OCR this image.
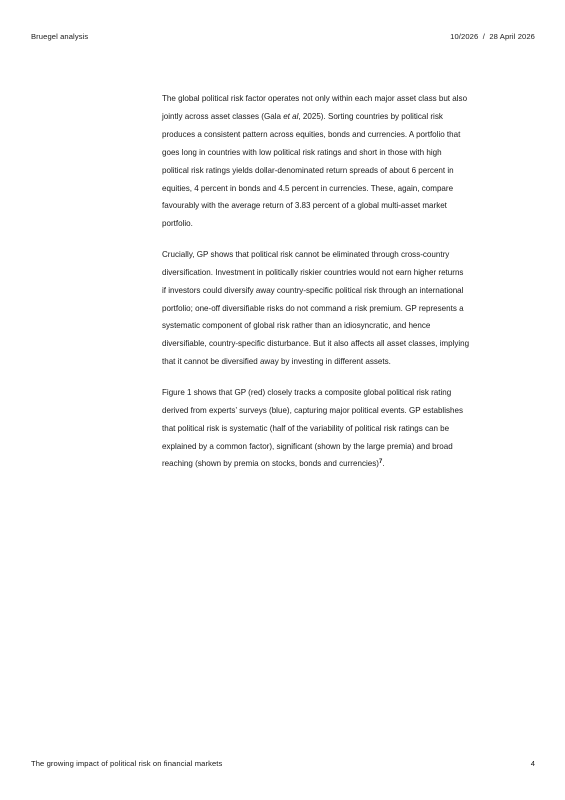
Bruegel analysis	10/2026  /  28 April 2026

The global political risk factor operates not only within each major asset class but also
jointly across asset classes (Gala et al, 2025). Sorting countries by political risk
produces a consistent pattern across equities, bonds and currencies. A portfolio that
goes long in countries with low political risk ratings and short in those with high
political risk ratings yields dollar-denominated return spreads of about 6 percent in
equities, 4 percent in bonds and 4.5 percent in currencies. These, again, compare
favourably with the average return of 3.83 percent of a global multi-asset market
portfolio.

Crucially, GP shows that political risk cannot be eliminated through cross-country
diversification. Investment in politically riskier countries would not earn higher returns
if investors could diversify away country-specific political risk through an international
portfolio; one-off diversifiable risks do not command a risk premium. GP represents a
systematic component of global risk rather than an idiosyncratic, and hence
diversifiable, country-specific disturbance. But it also affects all asset classes, implying
that it cannot be diversified away by investing in different assets.

Figure 1 shows that GP (red) closely tracks a composite global political risk rating
derived from experts’ surveys (blue), capturing major political events. GP establishes
that political risk is systematic (half of the variability of political risk ratings can be
explained by a common factor), significant (shown by the large premia) and broad
reaching (shown by premia on stocks, bonds and currencies)$^7$.

The growing impact of political risk on financial markets	4
